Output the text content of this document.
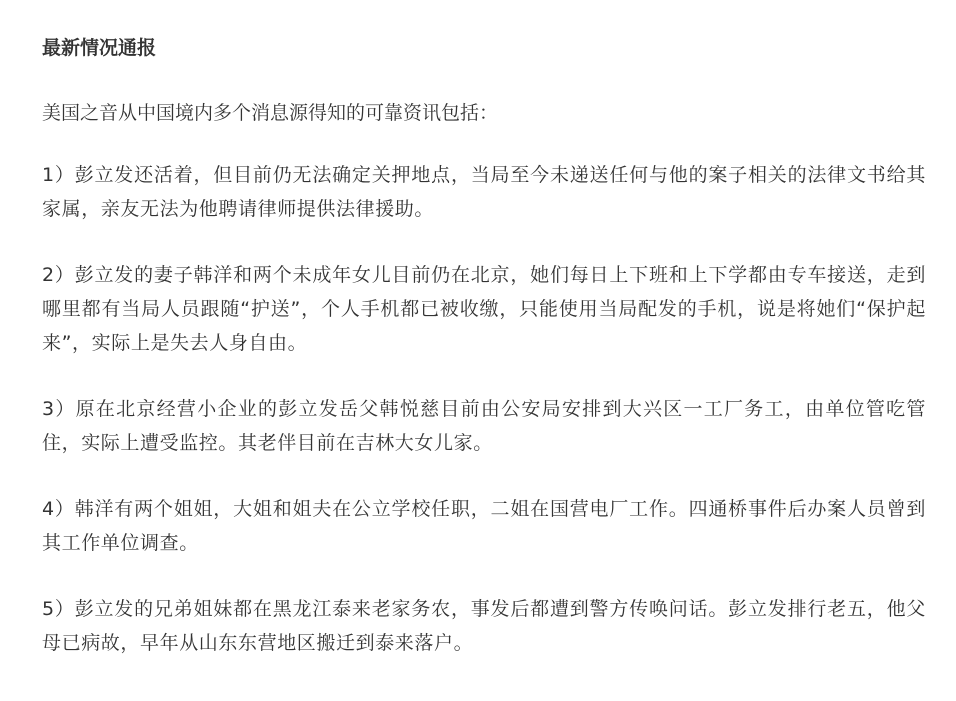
最新情况通报
美国之音从中国境内多个消息源得知的可靠资讯包括：
1）彭立发还活着，但目前仍无法确定关押地点，当局至今未递送任何与他的案子相关的法律文书给其家属，亲友无法为他聘请律师提供法律援助。
2）彭立发的妻子韩洋和两个未成年女儿目前仍在北京，她们每日上下班和上下学都由专车接送，走到哪里都有当局人员跟随“护送”，个人手机都已被收缴，只能使用当局配发的手机，说是将她们“保护起来”，实际上是失去人身自由。
3）原在北京经营小企业的彭立发岳父韩悦慈目前由公安局安排到大兴区一工厂务工，由单位管吃管住，实际上遭受监控。其老伴目前在吉林大女儿家。
4）韩洋有两个姐姐，大姐和姐夫在公立学校任职，二姐在国营电厂工作。四通桥事件后办案人员曾到其工作单位调查。
5）彭立发的兄弟姐妹都在黑龙江泰来老家务农，事发后都遭到警方传唤问话。彭立发排行老五，他父母已病故，早年从山东东营地区搬迁到泰来落户。
